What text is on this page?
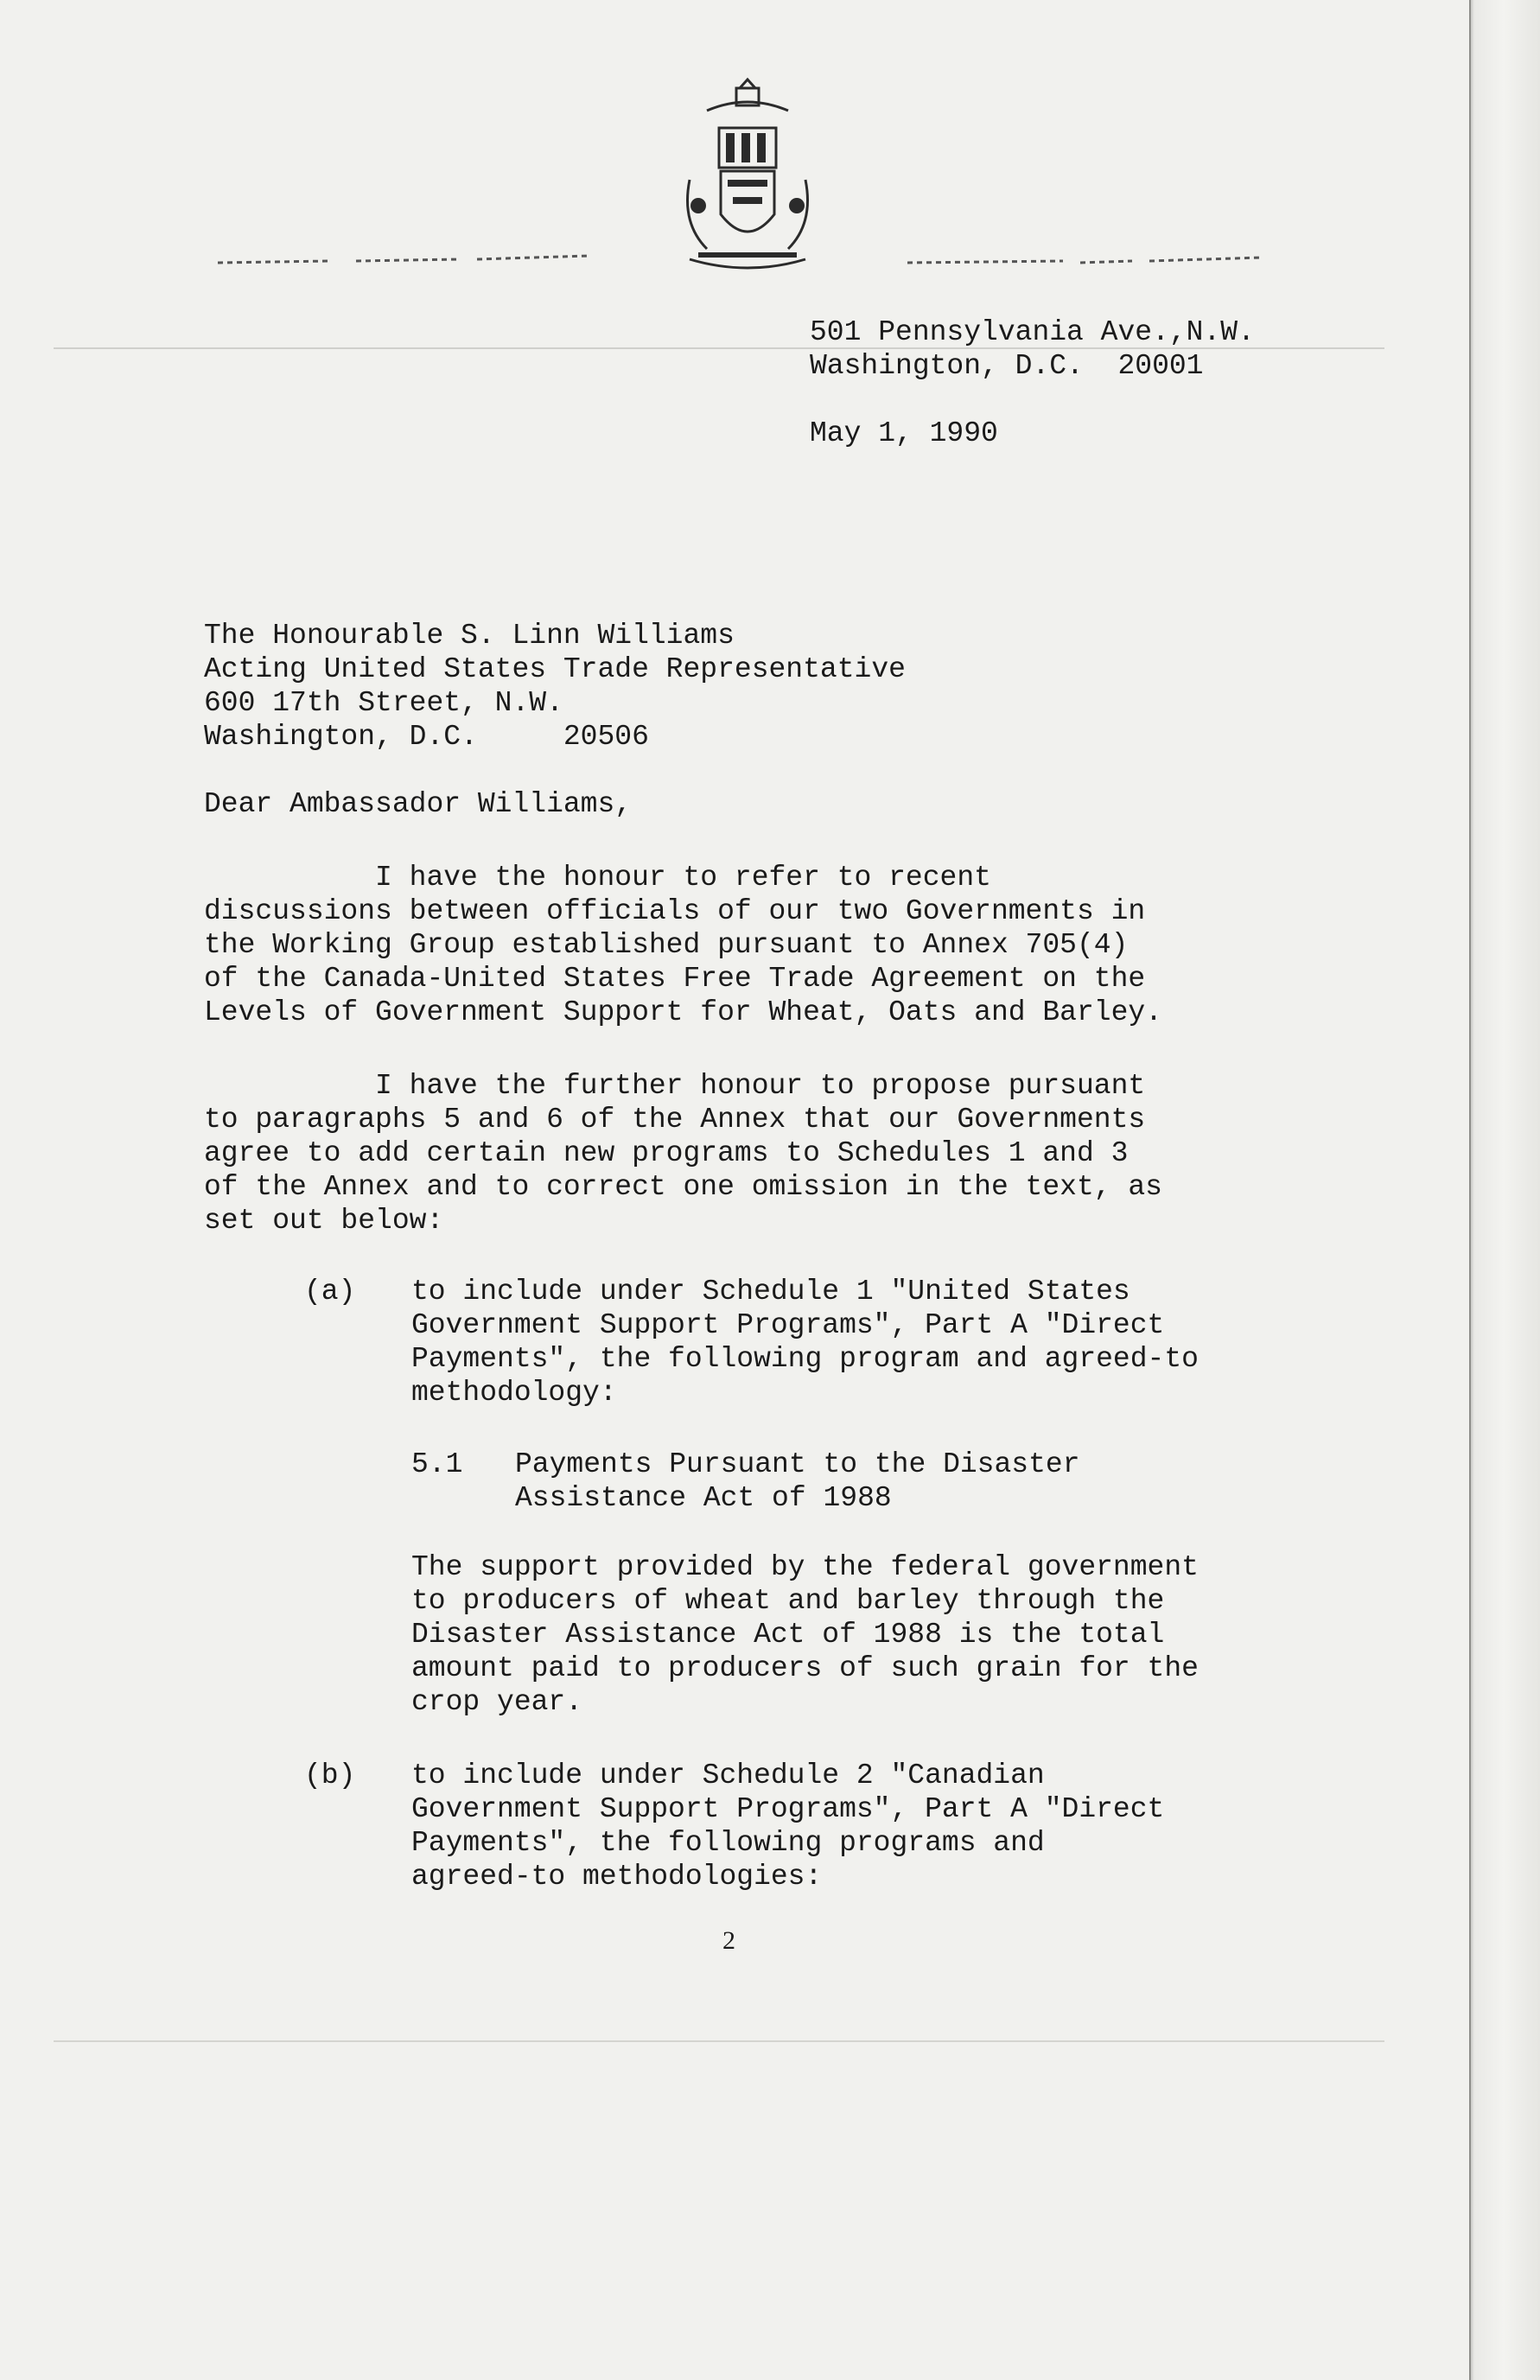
501 Pennsylvania Ave.,N.W.
Washington, D.C.  20001
May 1, 1990
The Honourable S. Linn Williams
Acting United States Trade Representative
600 17th Street, N.W.
Washington, D.C.     20506
Dear Ambassador Williams,
I have the honour to refer to recent
discussions between officials of our two Governments in
the Working Group established pursuant to Annex 705(4)
of the Canada-United States Free Trade Agreement on the
Levels of Government Support for Wheat, Oats and Barley.
I have the further honour to propose pursuant
to paragraphs 5 and 6 of the Annex that our Governments
agree to add certain new programs to Schedules 1 and 3
of the Annex and to correct one omission in the text, as
set out below:
(a) to include under Schedule 1 "United States
Government Support Programs", Part A "Direct
Payments", the following program and agreed-to
methodology:
5.1 Payments Pursuant to the Disaster
Assistance Act of 1988
The support provided by the federal government
to producers of wheat and barley through the
Disaster Assistance Act of 1988 is the total
amount paid to producers of such grain for the
crop year.
(b) to include under Schedule 2 "Canadian
Government Support Programs", Part A "Direct
Payments", the following programs and
agreed-to methodologies:
2
